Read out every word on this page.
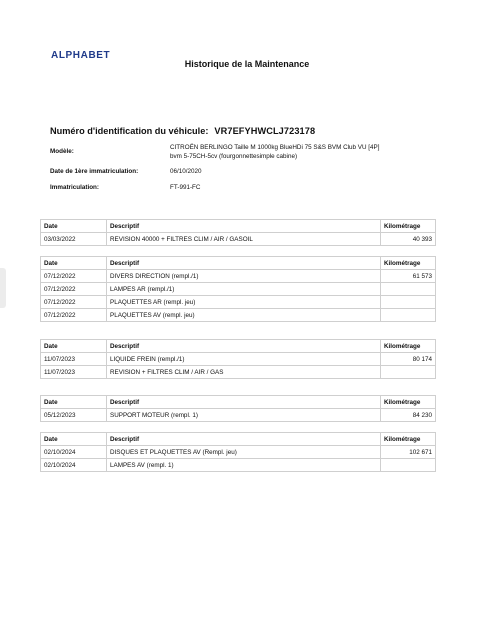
ALPHABET
Historique de la Maintenance
Numéro d'identification du véhicule: VR7EFYHWCLJ723178
Modèle:
CITROËN BERLINGO Taille M 1000kg BlueHDi 75 S&S BVM Club VU [4P]
bvm 5-75CH-5cv (fourgonnettesimple cabine)
Date de 1ère immatriculation:	06/10/2020
Immatriculation:	FT-991-FC
Date	Descriptif	Kilométrage
03/03/2022	REVISION 40000 + FILTRES CLIM / AIR / GASOIL	40 393
Date	Descriptif	Kilométrage
07/12/2022	DIVERS DIRECTION (rempl./1)	61 573
07/12/2022	LAMPES AR (rempl./1)	
07/12/2022	PLAQUETTES AR (rempl. jeu)	
07/12/2022	PLAQUETTES AV (rempl. jeu)	
Date	Descriptif	Kilométrage
11/07/2023	LIQUIDE FREIN (rempl./1)	80 174
11/07/2023	REVISION + FILTRES CLIM / AIR / GAS	
Date	Descriptif	Kilométrage
05/12/2023	SUPPORT MOTEUR (rempl. 1)	84 230
Date	Descriptif	Kilométrage
02/10/2024	DISQUES ET PLAQUETTES AV (Rempl. jeu)	102 671
02/10/2024	LAMPES AV (rempl. 1)	
